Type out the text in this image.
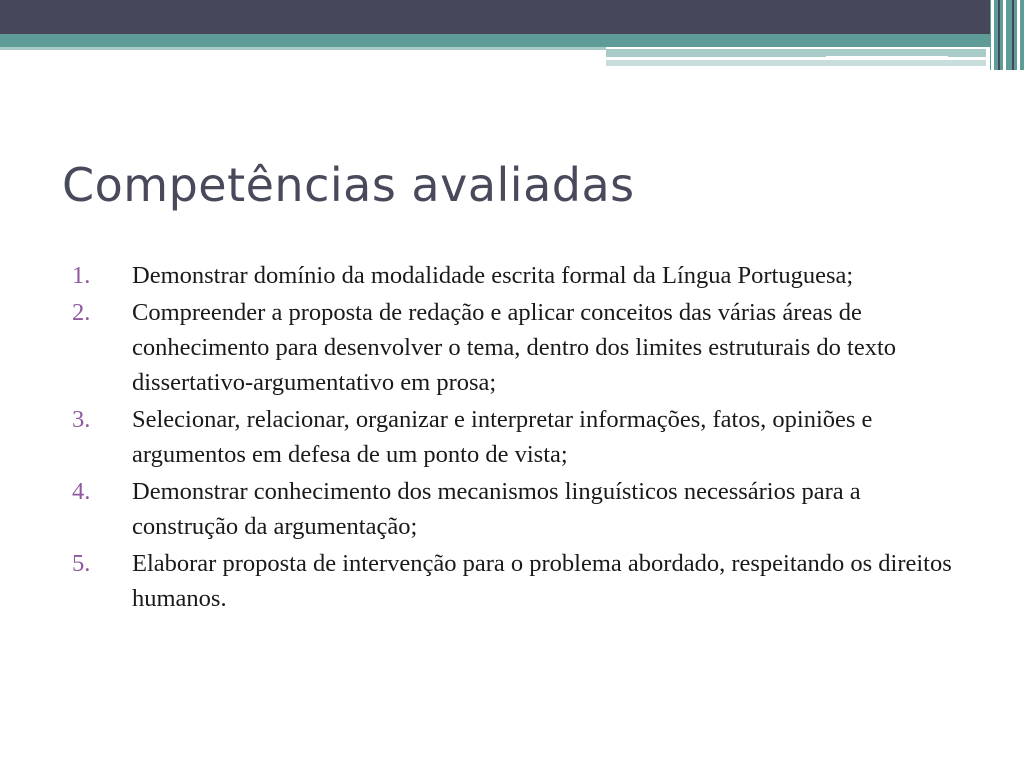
Competências avaliadas
1. Demonstrar domínio da modalidade escrita formal da Língua Portuguesa;
2. Compreender a proposta de redação e aplicar conceitos das várias áreas de conhecimento para desenvolver o tema, dentro dos limites estruturais do texto dissertativo-argumentativo em prosa;
3. Selecionar, relacionar, organizar e interpretar informações, fatos, opiniões e argumentos em defesa de um ponto de vista;
4. Demonstrar conhecimento dos mecanismos linguísticos necessários para a construção da argumentação;
5. Elaborar proposta de intervenção para o problema abordado, respeitando os direitos humanos.
